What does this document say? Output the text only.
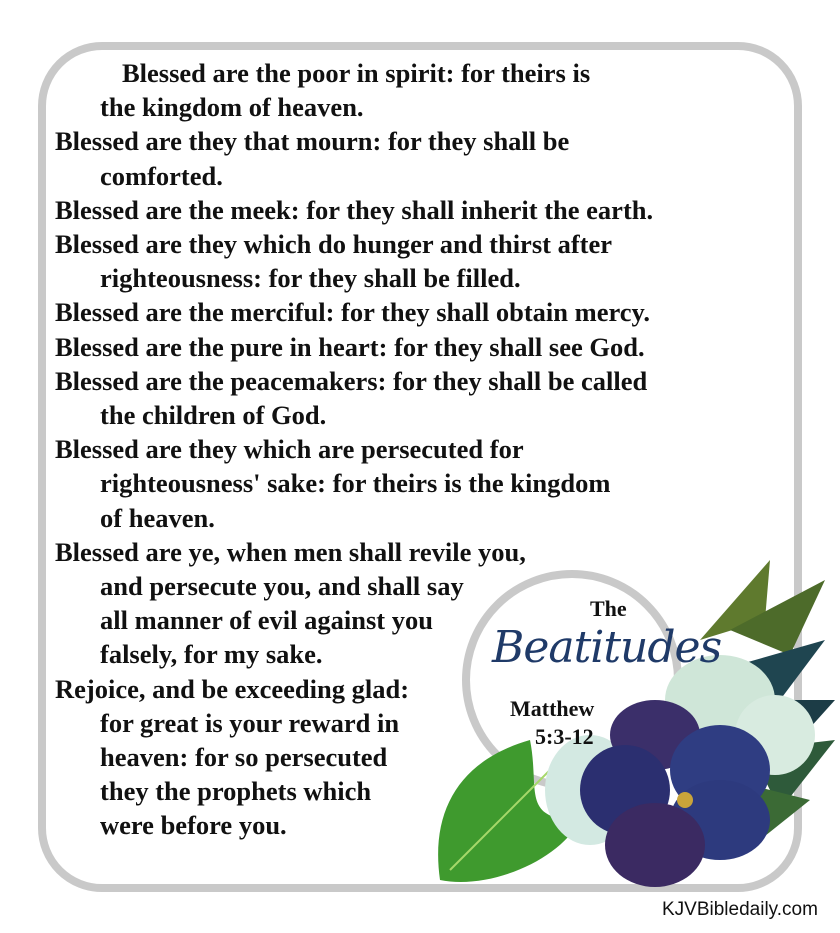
Blessed are the poor in spirit: for theirs is
the kingdom of heaven.
Blessed are they that mourn: for they shall be
comforted.
Blessed are the meek: for they shall inherit the earth.
Blessed are they which do hunger and thirst after
righteousness: for they shall be filled.
Blessed are the merciful: for they shall obtain mercy.
Blessed are the pure in heart: for they shall see God.
Blessed are the peacemakers: for they shall be called
the children of God.
Blessed are they which are persecuted for
righteousness' sake: for theirs is the kingdom
of heaven.
Blessed are ye, when men shall revile you,
and persecute you, and shall say
all manner of evil against you
falsely, for my sake.
Rejoice, and be exceeding glad:
for great is your reward in
heaven: for so persecuted
they the prophets which
were before you.
The
Beatitudes
Matthew
5:3-12
KJVBibledaily.com
